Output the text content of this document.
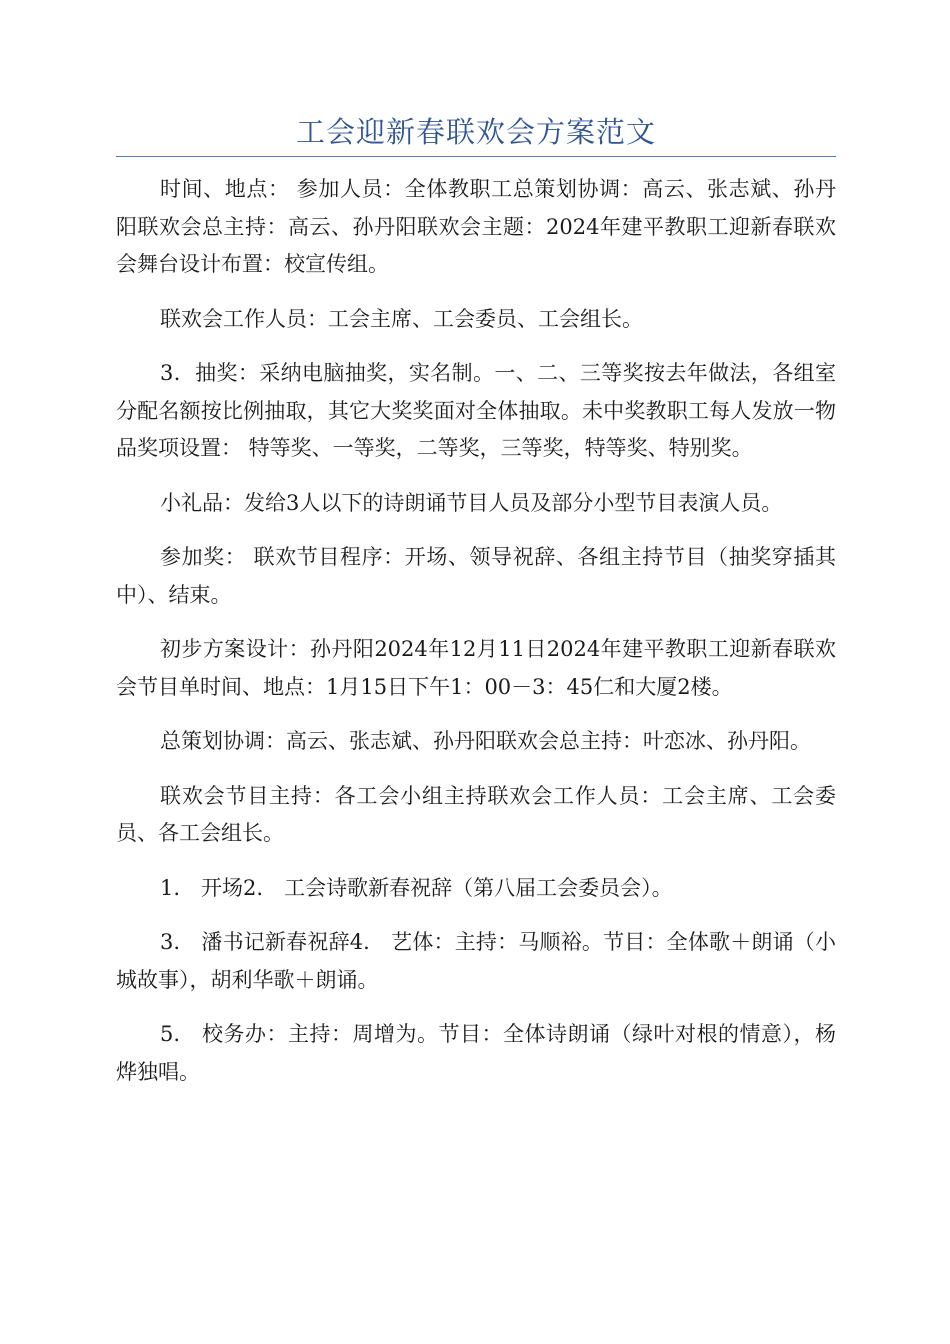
工会迎新春联欢会方案范文

时间、地点： 参加人员：全体教职工总策划协调：高云、张志斌、孙丹阳联欢会总主持：高云、孙丹阳联欢会主题：2024年建平教职工迎新春联欢会舞台设计布置：校宣传组。

联欢会工作人员：工会主席、工会委员、工会组长。

3．抽奖：采纳电脑抽奖，实名制。一、二、三等奖按去年做法，各组室分配名额按比例抽取，其它大奖奖面对全体抽取。未中奖教职工每人发放一物品奖项设置： 特等奖、一等奖，二等奖，三等奖，特等奖、特别奖。

小礼品：发给3人以下的诗朗诵节目人员及部分小型节目表演人员。

参加奖： 联欢节目程序：开场、领导祝辞、各组主持节目（抽奖穿插其中）、结束。

初步方案设计：孙丹阳2024年12月11日2024年建平教职工迎新春联欢会节目单时间、地点：1月15日下午1：00－3：45仁和大厦2楼。

总策划协调：高云、张志斌、孙丹阳联欢会总主持：叶恋冰、孙丹阳。

联欢会节目主持：各工会小组主持联欢会工作人员：工会主席、工会委员、各工会组长。

1.　开场2.　工会诗歌新春祝辞（第八届工会委员会）。

3.　潘书记新春祝辞4.　艺体：主持：马顺裕。节目：全体歌＋朗诵（小城故事），胡利华歌＋朗诵。

5.　校务办：主持：周增为。节目：全体诗朗诵（绿叶对根的情意），杨烨独唱。
